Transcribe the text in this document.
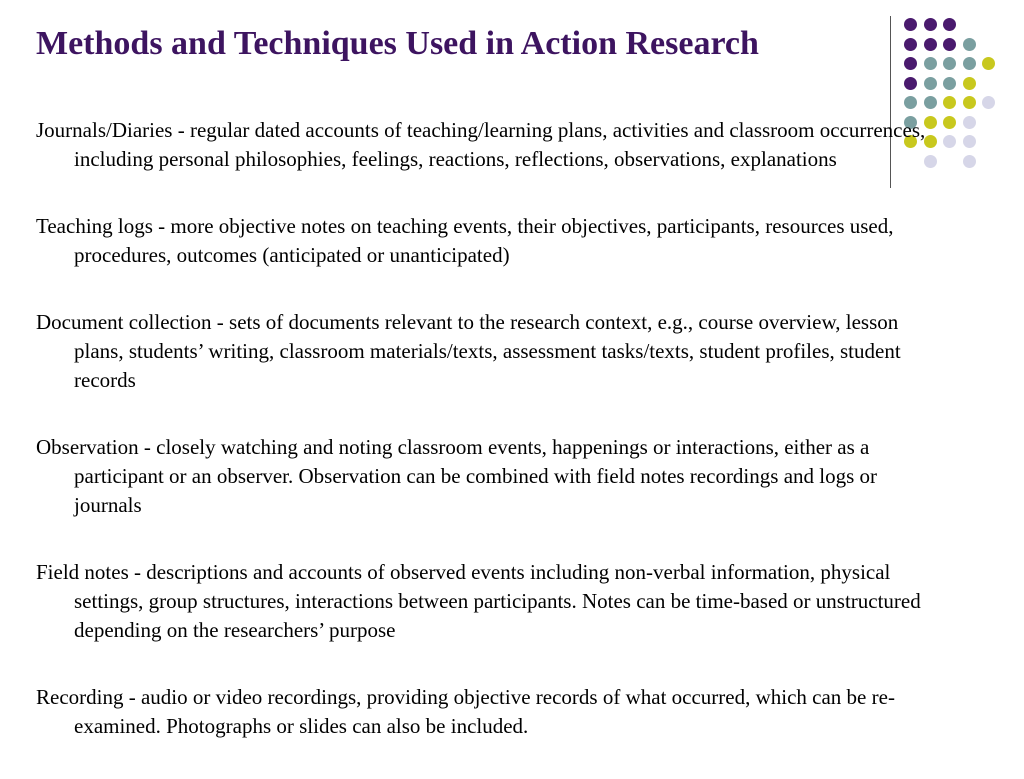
Methods and Techniques Used in Action Research

Journals/Diaries - regular dated accounts of teaching/learning plans, activities and classroom occurrences, including personal philosophies, feelings, reactions, reflections, observations, explanations

Teaching logs - more objective notes on teaching events, their objectives, participants, resources used, procedures, outcomes (anticipated or unanticipated)

Document collection - sets of documents relevant to the research context, e.g., course overview, lesson plans, students’ writing, classroom materials/texts, assessment tasks/texts, student profiles, student records

Observation - closely watching and noting classroom events, happenings or interactions, either as a participant or an observer. Observation can be combined with field notes recordings and logs or journals

Field notes - descriptions and accounts of observed events including non-verbal information, physical settings, group structures, interactions between participants. Notes can be time-based or unstructured depending on the researchers’ purpose

Recording - audio or video recordings, providing objective records of what occurred, which can be re-examined. Photographs or slides can also be included.
